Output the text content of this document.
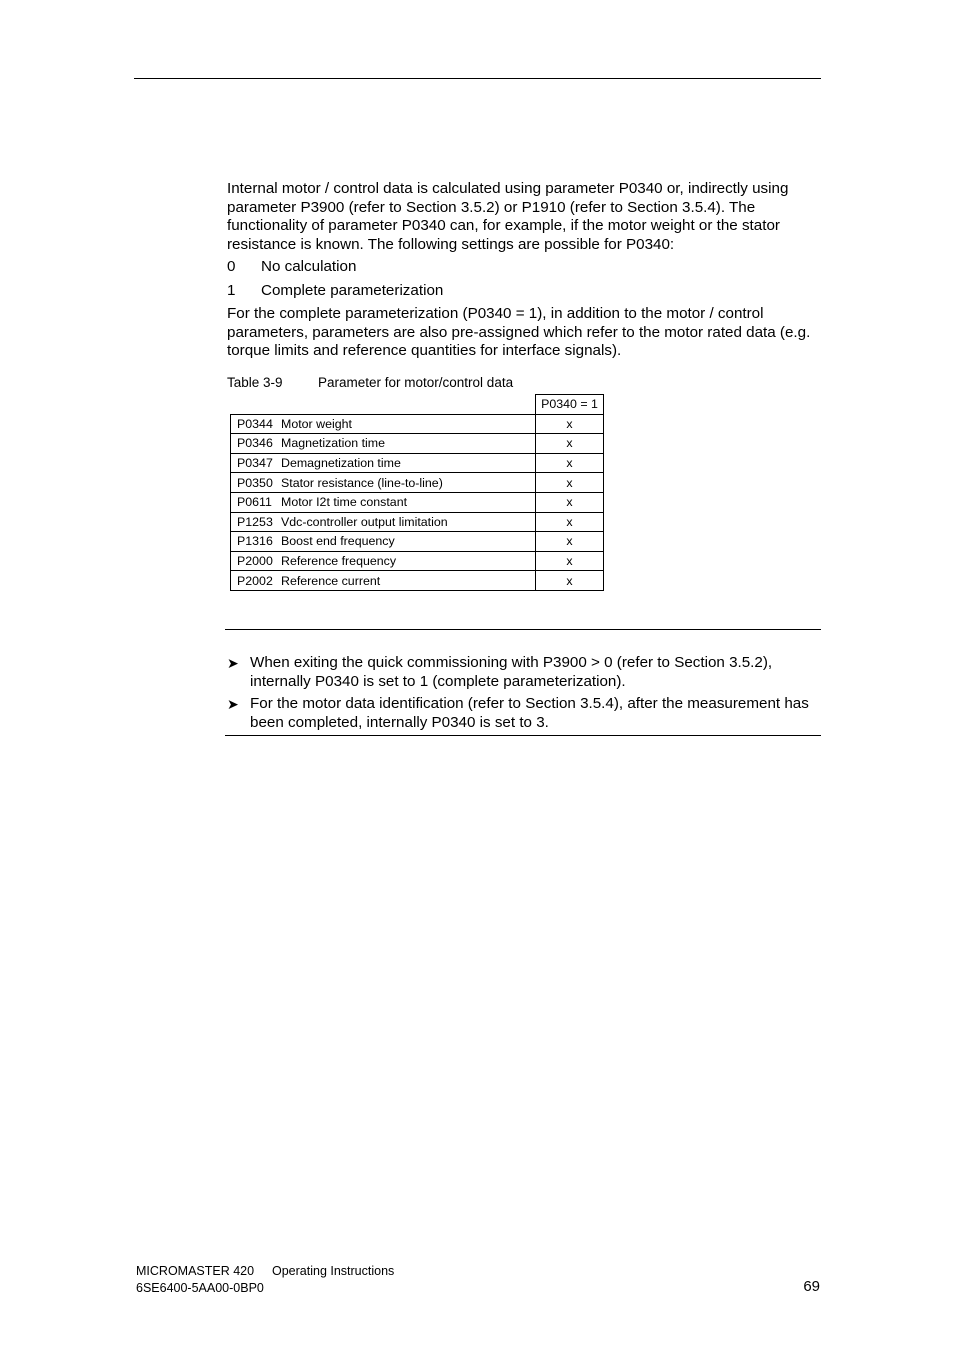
Internal motor / control data is calculated using parameter P0340 or, indirectly using parameter P3900 (refer to Section 3.5.2) or P1910 (refer to Section 3.5.4). The functionality of parameter P0340 can, for example, if the motor weight or the stator resistance is known. The following settings are possible for P0340:
0 No calculation
1 Complete parameterization
For the complete parameterization (P0340 = 1), in addition to the motor / control parameters, parameters are also pre-assigned which refer to the motor rated data (e.g. torque limits and reference quantities for interface signals).
Table 3-9	Parameter for motor/control data
	P0340 = 1
P0344 Motor weight	x
P0346 Magnetization time	x
P0347 Demagnetization time	x
P0350 Stator resistance (line-to-line)	x
P0611 Motor I2t time constant	x
P1253 Vdc-controller output limitation	x
P1316 Boost end frequency	x
P2000 Reference frequency	x
P2002 Reference current	x
➤ When exiting the quick commissioning with P3900 > 0 (refer to Section 3.5.2), internally P0340 is set to 1 (complete parameterization).
➤ For the motor data identification (refer to Section 3.5.4), after the measurement has been completed, internally P0340 is set to 3.
MICROMASTER 420 Operating Instructions
6SE6400-5AA00-0BP0	69
